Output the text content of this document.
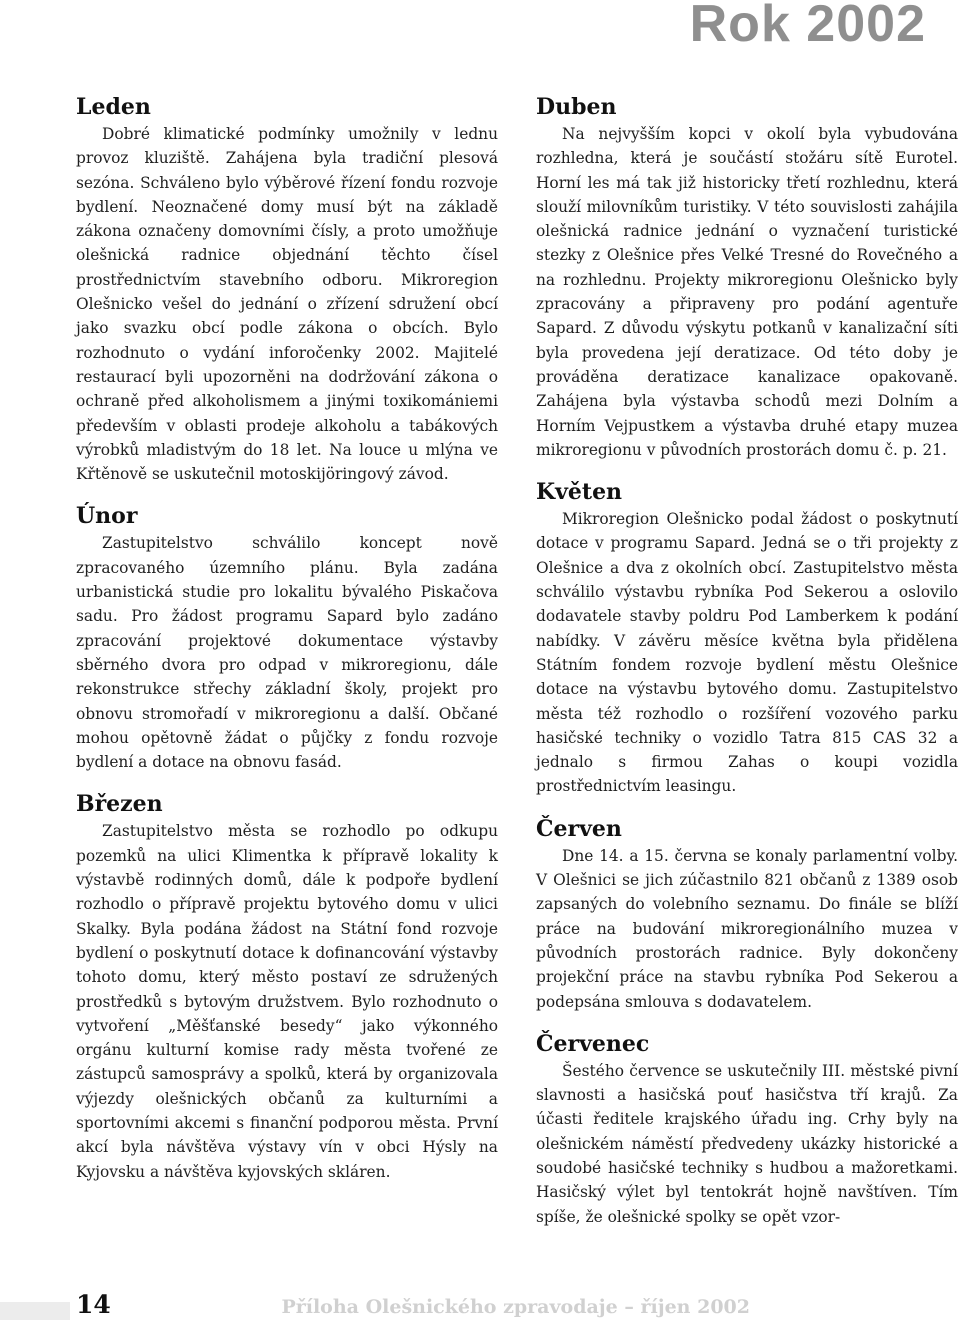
Rok 2002
Leden

Dobré klimatické podmínky umožnily v lednu provoz kluziště. Zahájena byla tradiční plesová sezóna. Schváleno bylo výběrové řízení fondu rozvoje bydlení. Neoznačené domy musí být na základě zákona označeny domovními čísly, a proto umožňuje olešnická radnice objednání těchto čísel prostřednictvím stavebního odboru. Mikroregion Olešnicko vešel do jednání o zřízení sdružení obcí jako svazku obcí podle zákona o obcích. Bylo rozhodnuto o vydání inforočenky 2002. Majitelé restaurací byli upozorněni na dodržování zákona o ochraně před alkoholismem a jinými toxikomániemi především v oblasti prodeje alkoholu a tabákových výrobků mladistvým do 18 let. Na louce u mlýna ve Křtěnově se uskutečnil motoskijöringový závod.

Únor

Zastupitelstvo schválilo koncept nově zpracovaného územního plánu. Byla zadána urbanistická studie pro lokalitu bývalého Piskačova sadu. Pro žádost programu Sapard bylo zadáno zpracování projektové dokumentace výstavby sběrného dvora pro odpad v mikroregionu, dále rekonstrukce střechy základní školy, projekt pro obnovu stromořadí v mikroregionu a další. Občané mohou opětovně žádat o půjčky z fondu rozvoje bydlení a dotace na obnovu fasád.

Březen

Zastupitelstvo města se rozhodlo po odkupu pozemků na ulici Klimentka k přípravě lokality k výstavbě rodinných domů, dále k podpoře bydlení rozhodlo o přípravě projektu bytového domu v ulici Skalky. Byla podána žádost na Státní fond rozvoje bydlení o poskytnutí dotace k dofinancování výstavby tohoto domu, který město postaví ze sdružených prostředků s bytovým družstvem. Bylo rozhodnuto o vytvoření „Měšťanské besedy“ jako výkonného orgánu kulturní komise rady města tvořené ze zástupců samosprávy a spolků, která by organizovala výjezdy olešnických občanů za kulturními a sportovními akcemi s finanční podporou města. První akcí byla návštěva výstavy vín v obci Hýsly na Kyjovsku a návštěva kyjovských skláren.

Duben

Na nejvyšším kopci v okolí byla vybudována rozhledna, která je součástí stožáru sítě Eurotel. Horní les má tak již historicky třetí rozhlednu, která slouží milovníkům turistiky. V této souvislosti zahájila olešnická radnice jednání o vyznačení turistické stezky z Olešnice přes Velké Tresné do Rovečného a na rozhlednu. Projekty mikroregionu Olešnicko byly zpracovány a připraveny pro podání agentuře Sapard. Z důvodu výskytu potkanů v kanalizační síti byla provedena její deratizace. Od této doby je prováděna deratizace kanalizace opakovaně. Zahájena byla výstavba schodů mezi Dolním a Horním Vejpustkem a výstavba druhé etapy muzea mikroregionu v původních prostorách domu č. p. 21.

Květen

Mikroregion Olešnicko podal žádost o poskytnutí dotace v programu Sapard. Jedná se o tři projekty z Olešnice a dva z okolních obcí. Zastupitelstvo města schválilo výstavbu rybníka Pod Sekerou a oslovilo dodavatele stavby poldru Pod Lamberkem k podání nabídky. V závěru měsíce května byla přidělena Státním fondem rozvoje bydlení městu Olešnice dotace na výstavbu bytového domu. Zastupitelstvo města též rozhodlo o rozšíření vozového parku hasičské techniky o vozidlo Tatra 815 CAS 32 a jednalo s firmou Zahas o koupi vozidla prostřednictvím leasingu.

Červen

Dne 14. a 15. června se konaly parlamentní volby. V Olešnici se jich zúčastnilo 821 občanů z 1389 osob zapsaných do volebního seznamu. Do finále se blíží práce na budování mikroregionálního muzea v původních prostorách radnice. Byly dokončeny projekční práce na stavbu rybníka Pod Sekerou a podepsána smlouva s dodavatelem.

Červenec

Šestého července se uskutečnily III. městské pivní slavnosti a hasičská pouť hasičstva tří krajů. Za účasti ředitele krajského úřadu ing. Crhy byly na olešnickém náměstí předvedeny ukázky historické a soudobé hasičské techniky s hudbou a mažoretkami. Hasičský výlet byl tentokrát hojně navštíven. Tím spíše, že olešnické spolky se opět vzor-

14	Příloha Olešnického zpravodaje – říjen 2002
